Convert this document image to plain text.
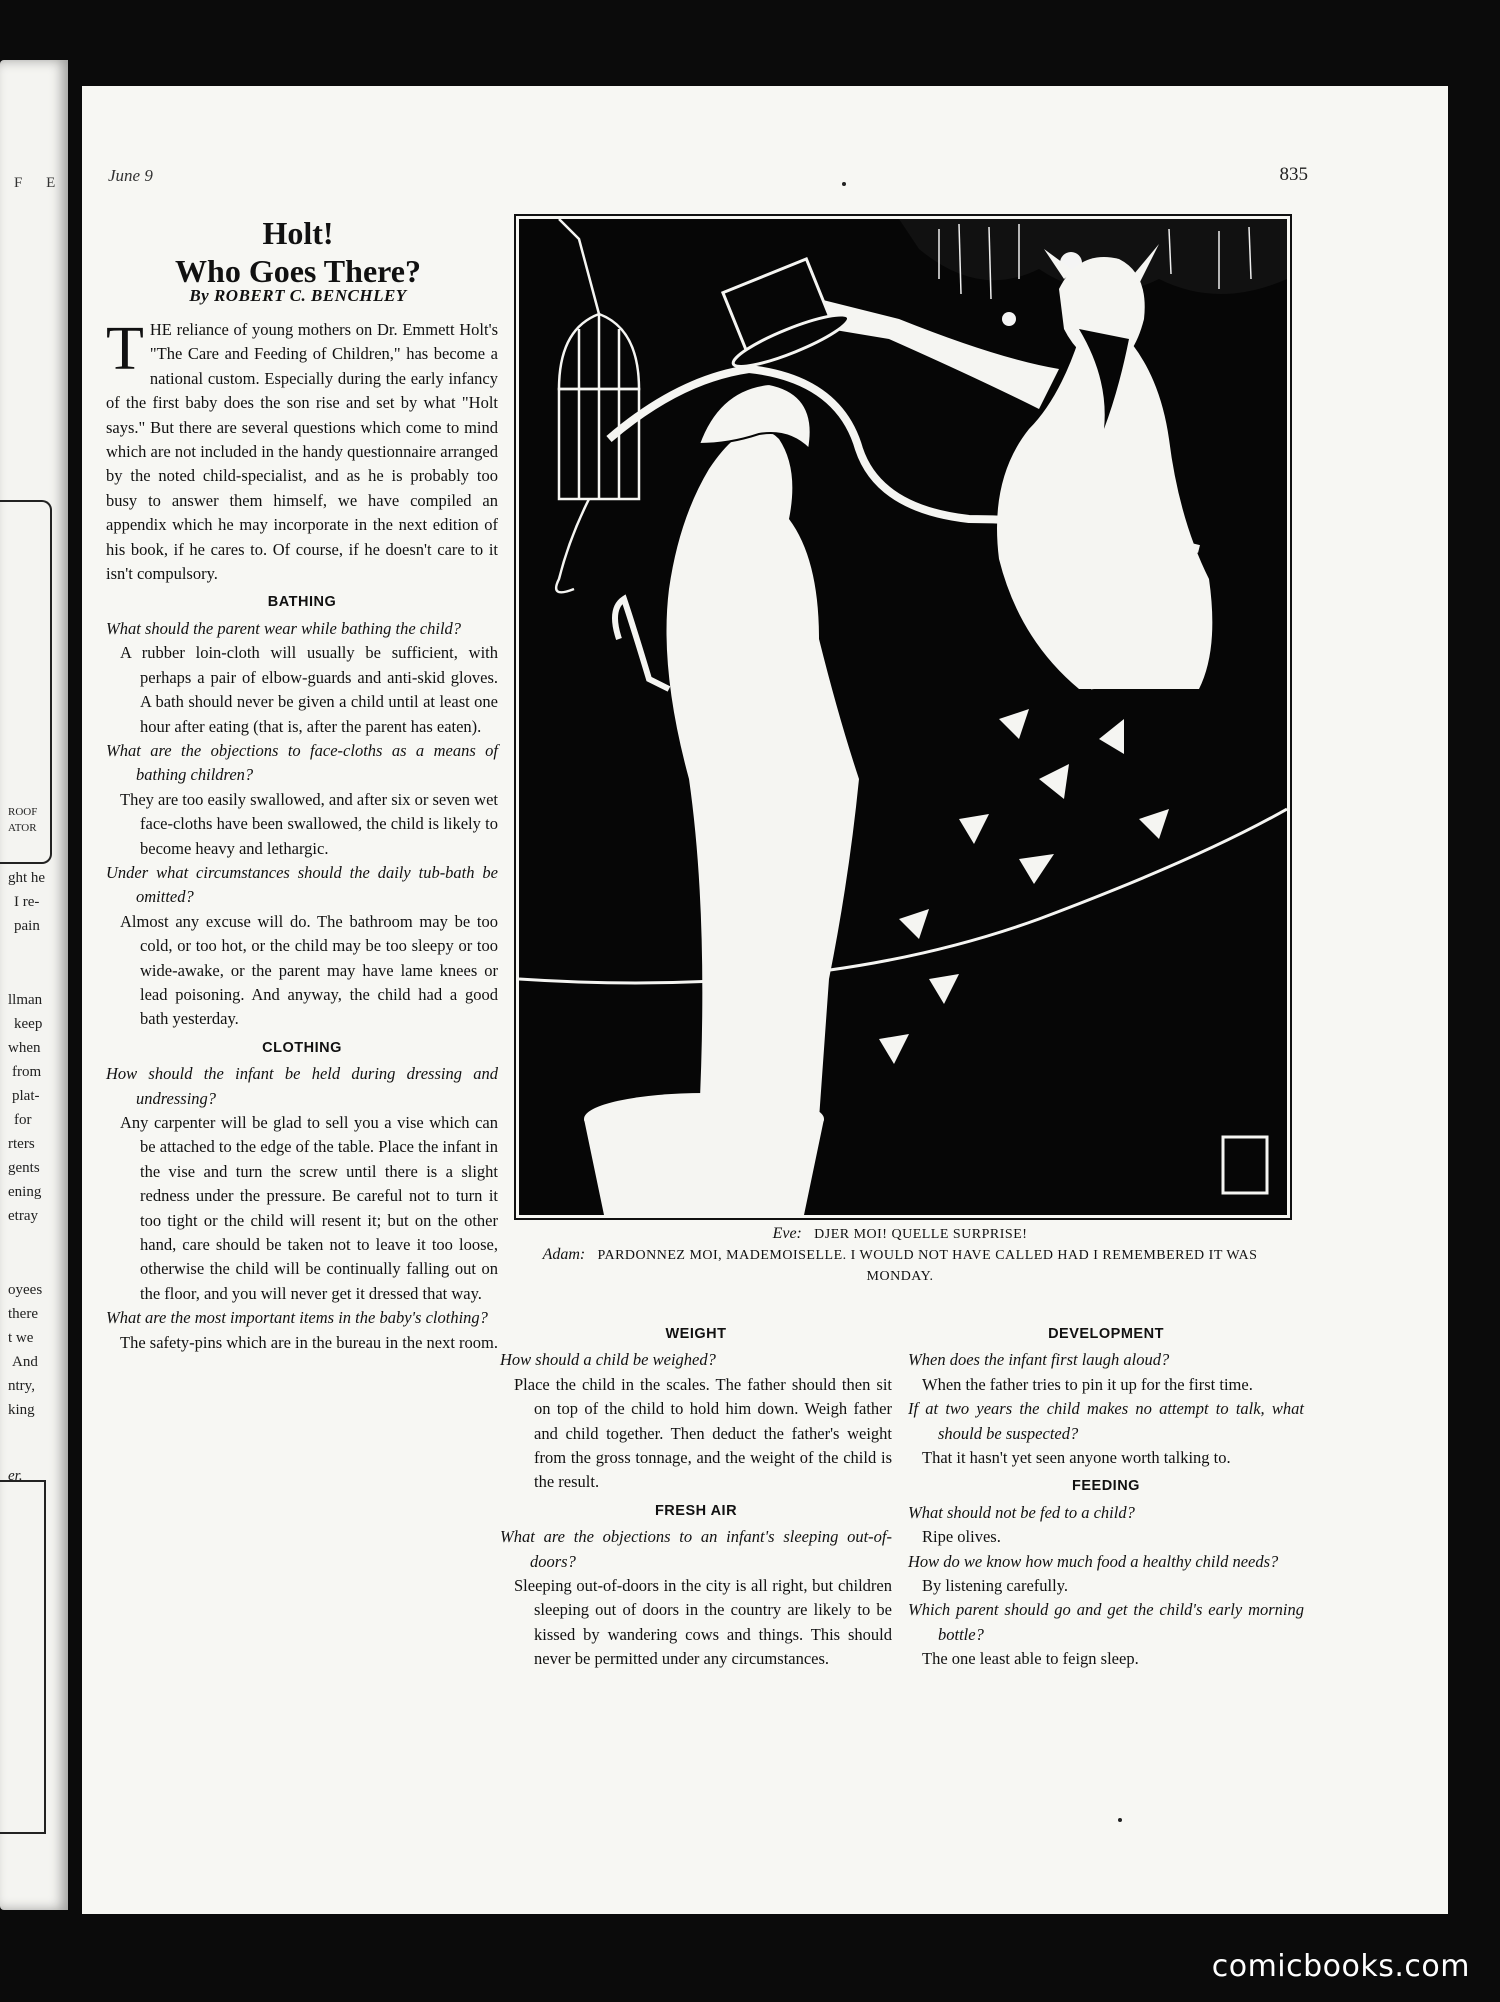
F E
ROOF
ATOR
ght he
I re-
pain
llman
keep
when
from
plat-
for
rters
gents
ening
etray
oyees
there
t we
And
ntry,
king
er.
June 9	835
Holt!
Who Goes There?
By ROBERT C. BENCHLEY

THE reliance of young mothers on Dr. Emmett Holt's "The Care and Feeding of Children," has become a national custom. Especially during the early infancy of the first baby does the son rise and set by what "Holt says." But there are several questions which come to mind which are not included in the handy questionnaire arranged by the noted child-specialist, and as he is probably too busy to answer them himself, we have compiled an appendix which he may incorporate in the next edition of his book, if he cares to. Of course, if he doesn't care to it isn't compulsory.

BATHING

What should the parent wear while bathing the child?

A rubber loin-cloth will usually be sufficient, with perhaps a pair of elbow-guards and anti-skid gloves. A bath should never be given a child until at least one hour after eating (that is, after the parent has eaten).

What are the objections to face-cloths as a means of bathing children?

They are too easily swallowed, and after six or seven wet face-cloths have been swallowed, the child is likely to become heavy and lethargic.

Under what circumstances should the daily tub-bath be omitted?

Almost any excuse will do. The bathroom may be too cold, or too hot, or the child may be too sleepy or too wide-awake, or the parent may have lame knees or lead poisoning. And anyway, the child had a good bath yesterday.

CLOTHING

How should the infant be held during dressing and undressing?

Any carpenter will be glad to sell you a vise which can be attached to the edge of the table. Place the infant in the vise and turn the screw until there is a slight redness under the pressure. Be careful not to turn it too tight or the child will resent it; but on the other hand, care should be taken not to leave it too loose, otherwise the child will be continually falling out on the floor, and you will never get it dressed that way.

What are the most important items in the baby's clothing?

The safety-pins which are in the bureau in the next room.

Eve: DJER MOI! QUELLE SURPRISE!
Adam: PARDONNEZ MOI, MADEMOISELLE. I WOULD NOT HAVE CALLED HAD I REMEMBERED IT WAS MONDAY.
WEIGHT

How should a child be weighed?

Place the child in the scales. The father should then sit on top of the child to hold him down. Weigh father and child together. Then deduct the father's weight from the gross tonnage, and the weight of the child is the result.

FRESH AIR

What are the objections to an infant's sleeping out-of-doors?

Sleeping out-of-doors in the city is all right, but children sleeping out of doors in the country are likely to be kissed by wandering cows and things. This should never be permitted under any circumstances.

DEVELOPMENT

When does the infant first laugh aloud?

When the father tries to pin it up for the first time.

If at two years the child makes no attempt to talk, what should be suspected?

That it hasn't yet seen anyone worth talking to.

FEEDING

What should not be fed to a child?

Ripe olives.

How do we know how much food a healthy child needs?

By listening carefully.

Which parent should go and get the child's early morning bottle?

The one least able to feign sleep.

comicbooks.com
